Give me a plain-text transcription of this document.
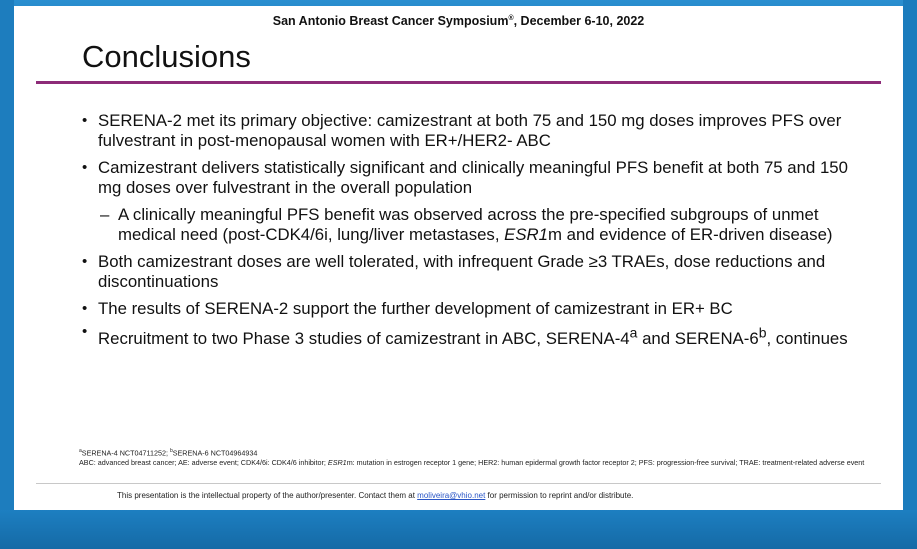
San Antonio Breast Cancer Symposium®, December 6-10, 2022
Conclusions
• SERENA-2 met its primary objective: camizestrant at both 75 and 150 mg doses improves PFS over fulvestrant in post-menopausal women with ER+/HER2- ABC
• Camizestrant delivers statistically significant and clinically meaningful PFS benefit at both 75 and 150 mg doses over fulvestrant in the overall population
– A clinically meaningful PFS benefit was observed across the pre-specified subgroups of unmet medical need (post-CDK4/6i, lung/liver metastases, ESR1m and evidence of ER-driven disease)
• Both camizestrant doses are well tolerated, with infrequent Grade ≥3 TRAEs, dose reductions and discontinuations
• The results of SERENA-2 support the further development of camizestrant in ER+ BC
• Recruitment to two Phase 3 studies of camizestrant in ABC, SERENA-4$^a$ and SERENA-6$^b$, continues
$^a$SERENA-4 NCT04711252; $^b$SERENA-6 NCT04964934
ABC: advanced breast cancer; AE: adverse event; CDK4/6i: CDK4/6 inhibitor; ESR1m: mutation in estrogen receptor 1 gene; HER2: human epidermal growth factor receptor 2; PFS: progression-free survival; TRAE: treatment-related adverse event
This presentation is the intellectual property of the author/presenter. Contact them at moliveira@vhio.net for permission to reprint and/or distribute.
